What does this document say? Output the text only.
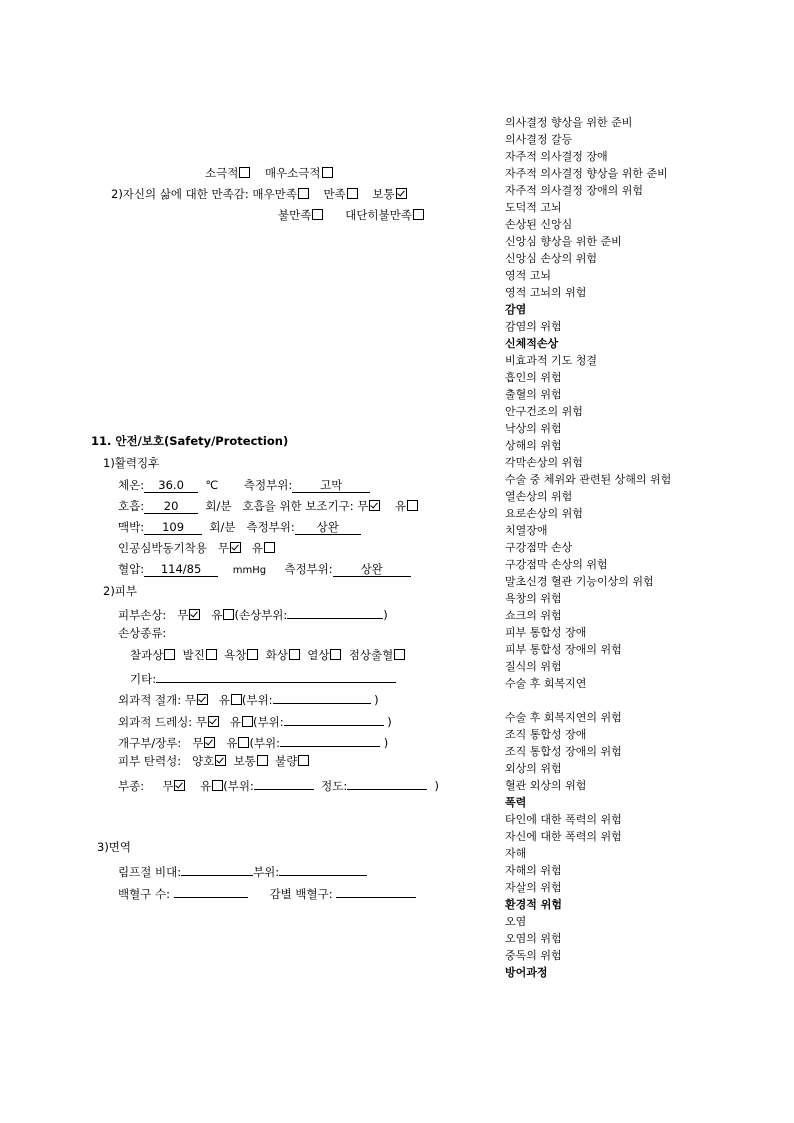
소극적 매우소극적
2)자신의 삶에 대한 만족감: 매우만족 만족 보통
불만족	대단히불만족
11. 안전/보호(Safety/Protection)
1)활력징후
체온: 36.0 ℃ 측정부위: 고막
호흡: 20 회/분 호흡을 위한 보조기구: 무 유
맥박: 109 회/분 측정부위: 상완
인공심박동기착용 무 유
혈압: 114/85	mmHg 측정부위: 상완
2)피부
피부손상: 무 유 (손상부위:	)
손상종류:
찰과상 발진 욕창 화상 열상 점상출혈
기타:
외과적 절개: 무 유 (부위:	)
외과적 드레싱: 무 유 (부위:	)
개구부/장루: 무 유 (부위:	)
피부 탄력성: 양호 보통 불량
부종: 무 유 (부위:	정도:	)
3)면역
림프절 비대:	부위:
백혈구 수:	감별 백혈구:
의사결정 향상을 위한 준비
의사결정 갈등
자주적 의사결정 장애
자주적 의사결정 향상을 위한 준비
자주적 의사결정 장애의 위험
도덕적 고뇌
손상된 신앙심
신앙심 향상을 위한 준비
신앙심 손상의 위험
영적 고뇌
영적 고뇌의 위험
감염
감염의 위험
신체적손상
비효과적 기도 청결
흡인의 위험
출혈의 위험
안구건조의 위험
낙상의 위험
상해의 위험
각막손상의 위험
수술 중 체위와 관련된 상해의 위험
열손상의 위험
요로손상의 위험
치열장애
구강점막 손상
구강점막 손상의 위험
말초신경 혈관 기능이상의 위험
욕창의 위험
쇼크의 위험
피부 통합성 장애
피부 통합성 장애의 위험
질식의 위험
수술 후 회복지연
수술 후 회복지연의 위험
조직 통합성 장애
조직 통합성 장애의 위험
외상의 위험
혈관 외상의 위험
폭력
타인에 대한 폭력의 위험
자신에 대한 폭력의 위험
자해
자해의 위험
자살의 위험
환경적 위험
오염
오염의 위험
중독의 위험
방어과정
